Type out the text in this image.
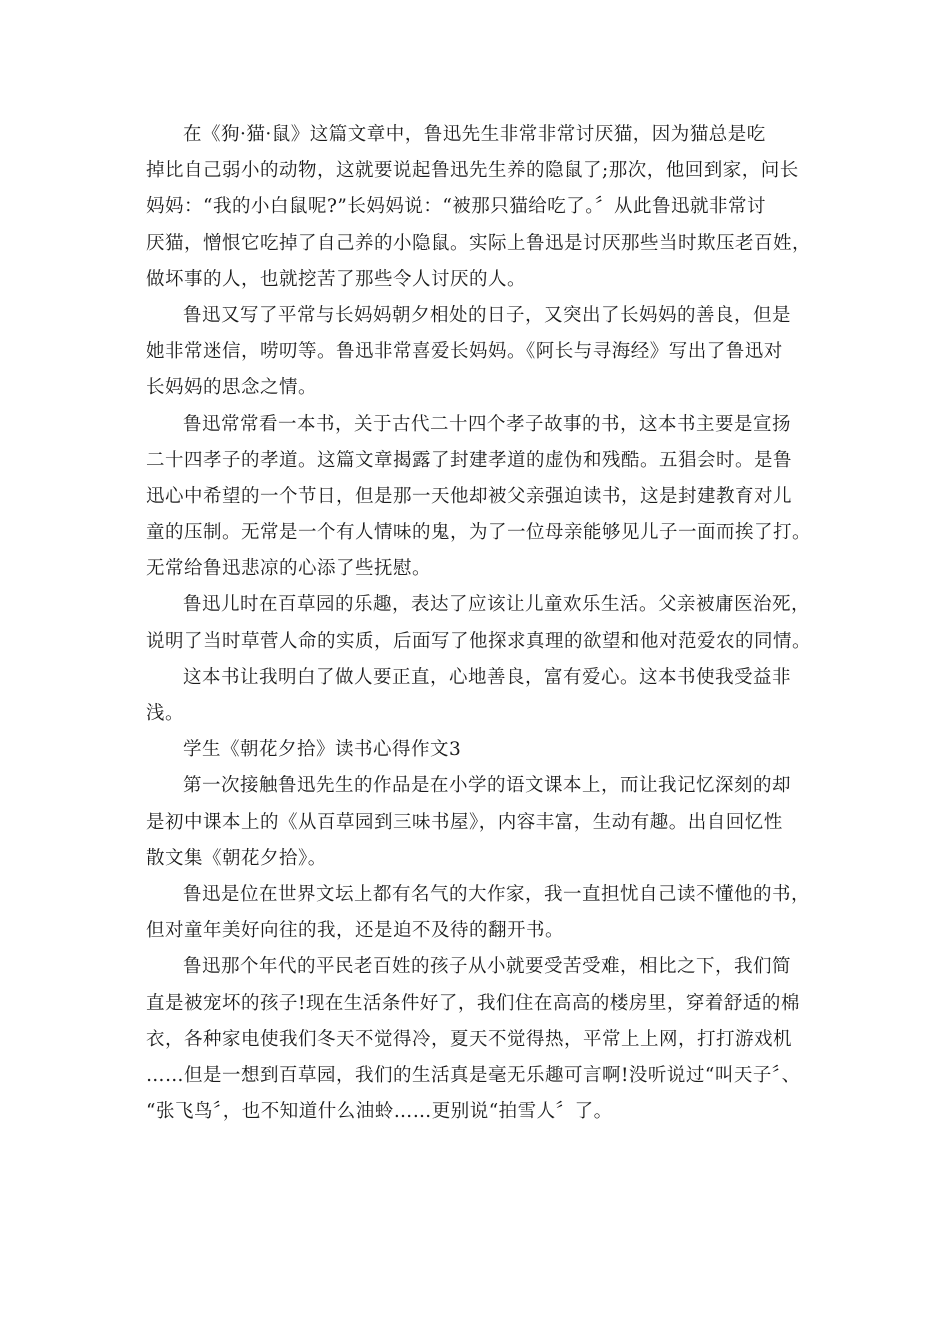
在《狗·猫·鼠》这篇文章中，鲁迅先生非常非常讨厌猫，因为猫总是吃
掉比自己弱小的动物，这就要说起鲁迅先生养的隐鼠了;那次，他回到家，问长
妈妈：“我的小白鼠呢?”长妈妈说：“被那只猫给吃了。〞从此鲁迅就非常讨
厌猫，憎恨它吃掉了自己养的小隐鼠。实际上鲁迅是讨厌那些当时欺压老百姓，
做坏事的人，也就挖苦了那些令人讨厌的人。
鲁迅又写了平常与长妈妈朝夕相处的日子，又突出了长妈妈的善良，但是
她非常迷信，唠叨等。鲁迅非常喜爱长妈妈。《阿长与寻海经》写出了鲁迅对
长妈妈的思念之情。
鲁迅常常看一本书，关于古代二十四个孝子故事的书，这本书主要是宣扬
二十四孝子的孝道。这篇文章揭露了封建孝道的虚伪和残酷。五猖会时。是鲁
迅心中希望的一个节日，但是那一天他却被父亲强迫读书，这是封建教育对儿
童的压制。无常是一个有人情味的鬼，为了一位母亲能够见儿子一面而挨了打。
无常给鲁迅悲凉的心添了些抚慰。
鲁迅儿时在百草园的乐趣，表达了应该让儿童欢乐生活。父亲被庸医治死，
说明了当时草菅人命的实质，后面写了他探求真理的欲望和他对范爱农的同情。
这本书让我明白了做人要正直，心地善良，富有爱心。这本书使我受益非
浅。
学生《朝花夕拾》读书心得作文3
第一次接触鲁迅先生的作品是在小学的语文课本上，而让我记忆深刻的却
是初中课本上的《从百草园到三味书屋》，内容丰富，生动有趣。出自回忆性
散文集《朝花夕拾》。
鲁迅是位在世界文坛上都有名气的大作家，我一直担忧自己读不懂他的书，
但对童年美好向往的我，还是迫不及待的翻开书。
鲁迅那个年代的平民老百姓的孩子从小就要受苦受难，相比之下，我们简
直是被宠坏的孩子!现在生活条件好了，我们住在高高的楼房里，穿着舒适的棉
衣，各种家电使我们冬天不觉得冷，夏天不觉得热，平常上上网，打打游戏机
……但是一想到百草园，我们的生活真是毫无乐趣可言啊!没听说过“叫天子〞、
“张飞鸟〞，也不知道什么油蛉……更别说“拍雪人〞了。
